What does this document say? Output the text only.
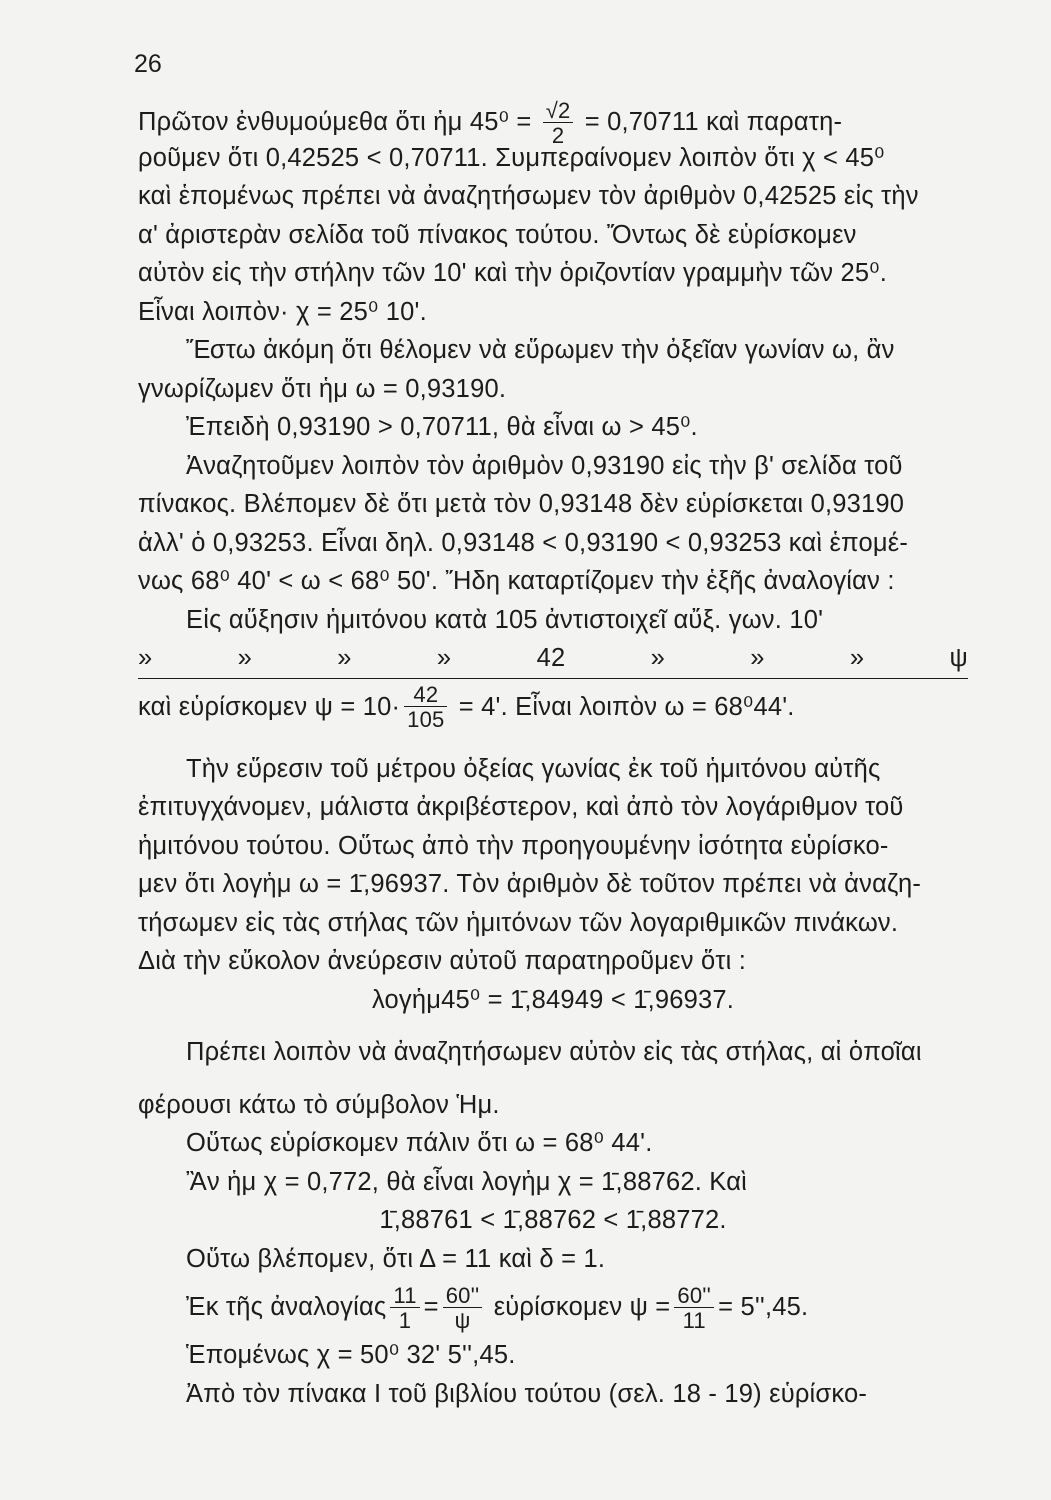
26
Πρῶτον ἐνθυμούμεθα ὅτι ἡμ $45^0 = \frac{√2}{2} = 0,70711$ καὶ παρατη-
ροῦμεν ὅτι 0,42525 < 0,70711. Συμπεραίνομεν λοιπὸν ὅτι χ < 45⁰
καὶ ἑπομένως πρέπει νὰ ἀναζητήσωμεν τὸν ἀριθμὸν 0,42525 εἰς τὴν
α' ἀριστερὰν σελίδα τοῦ πίνακος τούτου. Ὄντως δὲ εὑρίσκομεν
αὐτὸν εἰς τὴν στήλην τῶν 10' καὶ τὴν ὁριζοντίαν γραμμὴν τῶν 25⁰.
Εἶναι λοιπὸν· χ = 25⁰ 10'.
Ἔστω ἀκόμη ὅτι θέλομεν νὰ εὕρωμεν τὴν ὀξεῖαν γωνίαν ω, ἂν
γνωρίζωμεν ὅτι ἡμ ω = 0,93190.
Ἐπειδὴ 0,93190 > 0,70711, θὰ εἶναι ω > 45⁰.
Ἀναζητοῦμεν λοιπὸν τὸν ἀριθμὸν 0,93190 εἰς τὴν β' σελίδα τοῦ
πίνακος. Βλέπομεν δὲ ὅτι μετὰ τὸν 0,93148 δὲν εὑρίσκεται 0,93190
ἀλλ' ὁ 0,93253. Εἶναι δηλ. 0,93148 < 0,93190 < 0,93253 καὶ ἑπομέ-
νως 68⁰ 40' < ω < 68⁰ 50'. Ἤδη καταρτίζομεν τὴν ἑξῆς ἀναλογίαν :
Εἰς αὔξησιν ἡμιτόνου κατὰ 105 ἀντιστοιχεῖ αὔξ. γων. 10'
»	»	»	»	42	»	»	»	ψ
καὶ εὑρίσκομεν $\psi = 10\cdot \frac{42}{105} = 4'$. Εἶναι λοιπὸν ω = 68⁰44'.
Τὴν εὕρεσιν τοῦ μέτρου ὀξείας γωνίας ἐκ τοῦ ἡμιτόνου αὐτῆς
ἐπιτυγχάνομεν, μάλιστα ἀκριβέστερον, καὶ ἀπὸ τὸν λογάριθμον τοῦ
ἡμιτόνου τούτου. Οὕτως ἀπὸ τὴν προηγουμένην ἰσότητα εὑρίσκο-
μεν ὅτι λογἡμ ω = 1̄,96937. Τὸν ἀριθμὸν δὲ τοῦτον πρέπει νὰ ἀναζη-
τήσωμεν εἰς τὰς στήλας τῶν ἡμιτόνων τῶν λογαριθμικῶν πινάκων.
Διὰ τὴν εὔκολον ἀνεύρεσιν αὐτοῦ παρατηροῦμεν ὅτι :
λογἡμ45⁰ = 1̄,84949 < 1̄,96937.
Πρέπει λοιπὸν νὰ ἀναζητήσωμεν αὐτὸν εἰς τὰς στήλας, αἱ ὁποῖαι
φέρουσι κάτω τὸ σύμβολον Ἡμ.
Οὕτως εὑρίσκομεν πάλιν ὅτι ω = 68⁰ 44'.
Ἂν ἡμ χ = 0,772, θὰ εἶναι λογἡμ χ = 1̄,88762. Καὶ
1̄,88761 < 1̄,88762 < 1̄,88772.
Οὕτω βλέπομεν, ὅτι Δ = 11 καὶ δ = 1.
Ἐκ τῆς ἀναλογίας $\frac{11}{1} = \frac{60''}{\psi}$ εὑρίσκομεν $\psi = \frac{60''}{11} = 5'',45$.
Ἑπομένως χ = 50⁰ 32' 5'',45.
Ἀπὸ τὸν πίνακα I τοῦ βιβλίου τούτου (σελ. 18 - 19) εὑρίσκο-
